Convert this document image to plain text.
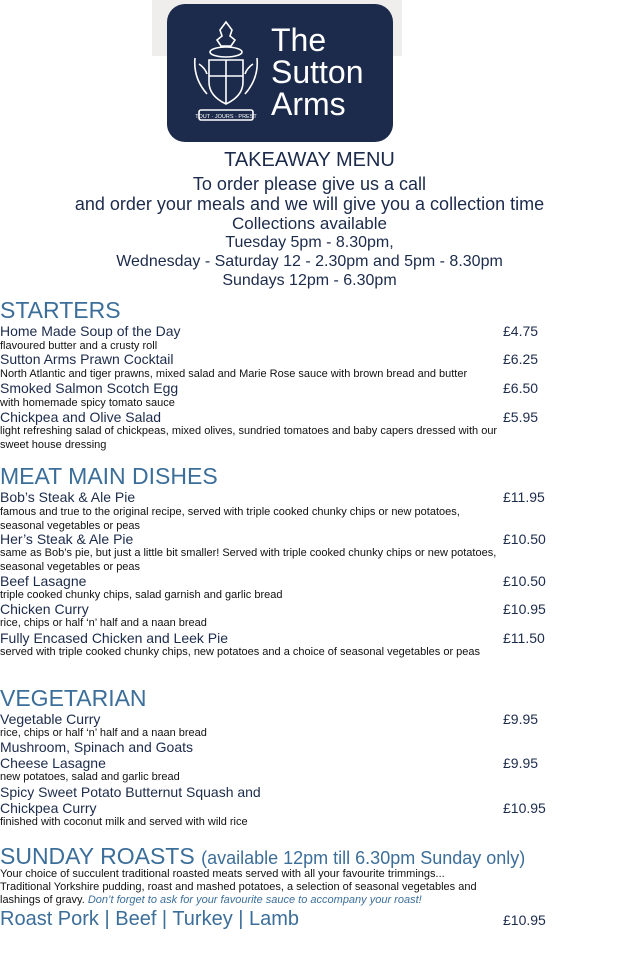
TOUT · JOURS · PREST
The
Sutton
Arms
TAKEAWAY MENU
To order please give us a call
and order your meals and we will give you a collection time
Collections available
Tuesday 5pm - 8.30pm,
Wednesday - Saturday 12 - 2.30pm and 5pm - 8.30pm
Sundays 12pm - 6.30pm
STARTERS
Home Made Soup of the Day	£4.75
flavoured butter and a crusty roll
Sutton Arms Prawn Cocktail	£6.25
North Atlantic and tiger prawns, mixed salad and Marie Rose sauce with brown bread and butter
Smoked Salmon Scotch Egg	£6.50
with homemade spicy tomato sauce
Chickpea and Olive Salad	£5.95
light refreshing salad of chickpeas, mixed olives, sundried tomatoes and baby capers dressed with our sweet house dressing
MEAT MAIN DISHES
Bob’s Steak & Ale Pie	£11.95
famous and true to the original recipe, served with triple cooked chunky chips or new potatoes, seasonal vegetables or peas
Her’s Steak & Ale Pie	£10.50
same as Bob’s pie, but just a little bit smaller! Served with triple cooked chunky chips or new potatoes, seasonal vegetables or peas
Beef Lasagne	£10.50
triple cooked chunky chips, salad garnish and garlic bread
Chicken Curry	£10.95
rice, chips or half ‘n’ half and a naan bread
Fully Encased Chicken and Leek Pie	£11.50
served with triple cooked chunky chips, new potatoes and a choice of seasonal vegetables or peas
VEGETARIAN
Vegetable Curry	£9.95
rice, chips or half ‘n’ half and a naan bread
Mushroom, Spinach and Goats
Cheese Lasagne	£9.95
new potatoes, salad and garlic bread
Spicy Sweet Potato Butternut Squash and
Chickpea Curry	£10.95
finished with coconut milk and served with wild rice
SUNDAY ROASTS (available 12pm till 6.30pm Sunday only)
Your choice of succulent traditional roasted meats served with all your favourite trimmings...
Traditional Yorkshire pudding, roast and mashed potatoes, a selection of seasonal vegetables and
lashings of gravy. Don’t forget to ask for your favourite sauce to accompany your roast!
Roast Pork | Beef | Turkey | Lamb	£10.95
